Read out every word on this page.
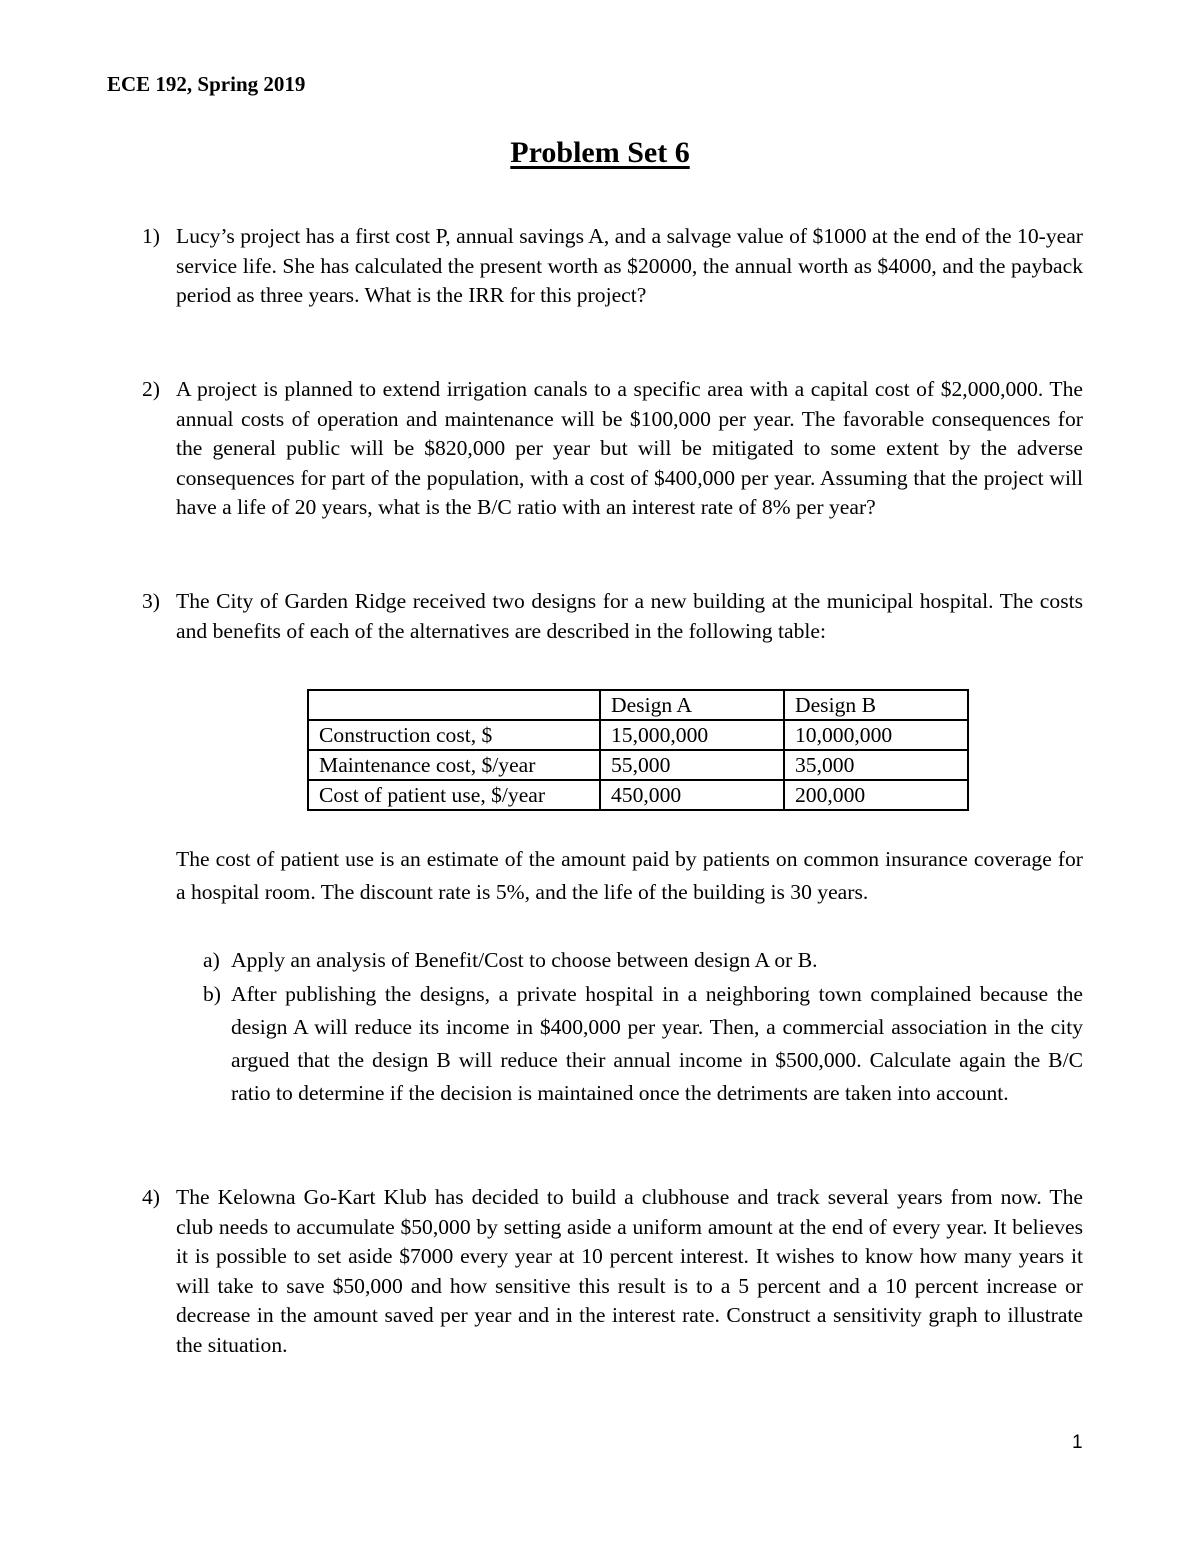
ECE 192, Spring 2019
Problem Set 6
1) Lucy’s project has a first cost P, annual savings A, and a salvage value of $1000 at the end of the 10-year service life. She has calculated the present worth as $20000, the annual worth as $4000, and the payback period as three years. What is the IRR for this project?
2) A project is planned to extend irrigation canals to a specific area with a capital cost of $2,000,000. The annual costs of operation and maintenance will be $100,000 per year. The favorable consequences for the general public will be $820,000 per year but will be mitigated to some extent by the adverse consequences for part of the population, with a cost of $400,000 per year. Assuming that the project will have a life of 20 years, what is the B/C ratio with an interest rate of 8% per year?
3) The City of Garden Ridge received two designs for a new building at the municipal hospital. The costs and benefits of each of the alternatives are described in the following table:
	Design A	Design B
Construction cost, $	15,000,000	10,000,000
Maintenance cost, $/year	55,000	35,000
Cost of patient use, $/year	450,000	200,000
The cost of patient use is an estimate of the amount paid by patients on common insurance coverage for a hospital room. The discount rate is 5%, and the life of the building is 30 years.
a) Apply an analysis of Benefit/Cost to choose between design A or B.
b) After publishing the designs, a private hospital in a neighboring town complained because the design A will reduce its income in $400,000 per year. Then, a commercial association in the city argued that the design B will reduce their annual income in $500,000. Calculate again the B/C ratio to determine if the decision is maintained once the detriments are taken into account.
4) The Kelowna Go-Kart Klub has decided to build a clubhouse and track several years from now. The club needs to accumulate $50,000 by setting aside a uniform amount at the end of every year. It believes it is possible to set aside $7000 every year at 10 percent interest. It wishes to know how many years it will take to save $50,000 and how sensitive this result is to a 5 percent and a 10 percent increase or decrease in the amount saved per year and in the interest rate. Construct a sensitivity graph to illustrate the situation.
1
